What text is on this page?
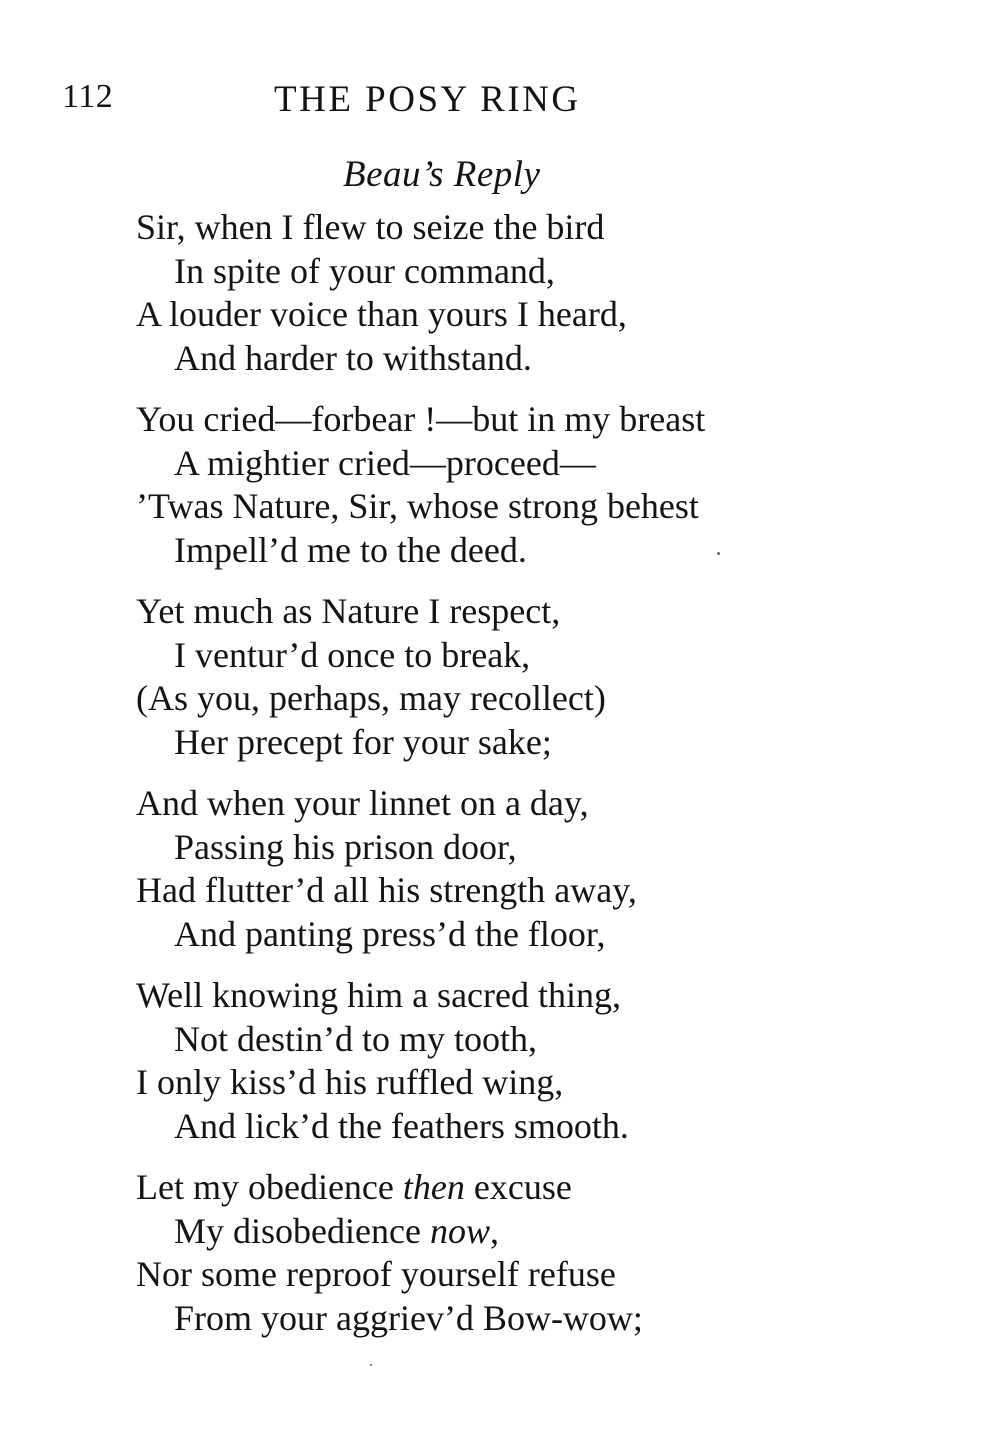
112	THE POSY RING
Beau’s Reply
Sir, when I flew to seize the bird
In spite of your command,
A louder voice than yours I heard,
And harder to withstand.
You cried—forbear !—but in my breast
A mightier cried—proceed—
’Twas Nature, Sir, whose strong behest
Impell’d me to the deed.
Yet much as Nature I respect,
I ventur’d once to break,
(As you, perhaps, may recollect)
Her precept for your sake;
And when your linnet on a day,
Passing his prison door,
Had flutter’d all his strength away,
And panting press’d the floor,
Well knowing him a sacred thing,
Not destin’d to my tooth,
I only kiss’d his ruffled wing,
And lick’d the feathers smooth.
Let my obedience then excuse
My disobedience now,
Nor some reproof yourself refuse
From your aggriev’d Bow-wow;
